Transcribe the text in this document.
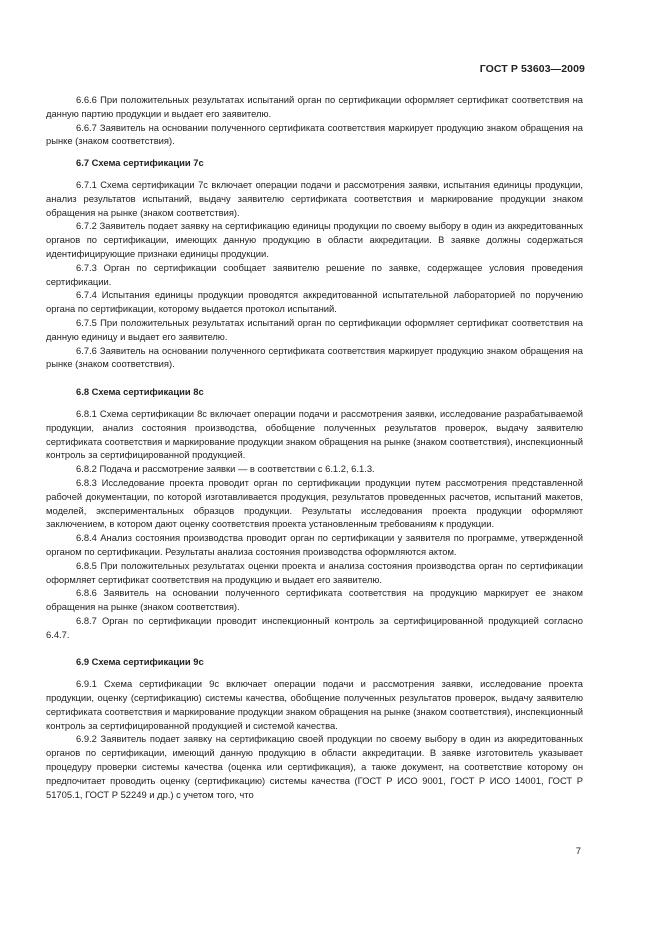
ГОСТ Р 53603—2009

6.6.6 При положительных результатах испытаний орган по сертификации оформляет сертификат соответствия на данную партию продукции и выдает его заявителю.

6.6.7 Заявитель на основании полученного сертификата соответствия маркирует продукцию знаком обращения на рынке (знаком соответствия).

6.7 Схема сертификации 7с

6.7.1 Схема сертификации 7с включает операции подачи и рассмотрения заявки, испытания единицы продукции, анализ результатов испытаний, выдачу заявителю сертификата соответствия и маркирование продукции знаком обращения на рынке (знаком соответствия).

6.7.2 Заявитель подает заявку на сертификацию единицы продукции по своему выбору в один из аккредитованных органов по сертификации, имеющих данную продукцию в области аккредитации. В заявке должны содержаться идентифицирующие признаки единицы продукции.

6.7.3 Орган по сертификации сообщает заявителю решение по заявке, содержащее условия проведения сертификации.

6.7.4 Испытания единицы продукции проводятся аккредитованной испытательной лабораторией по поручению органа по сертификации, которому выдается протокол испытаний.

6.7.5 При положительных результатах испытаний орган по сертификации оформляет сертификат соответствия на данную единицу и выдает его заявителю.

6.7.6 Заявитель на основании полученного сертификата соответствия маркирует продукцию знаком обращения на рынке (знаком соответствия).

6.8 Схема сертификации 8с

6.8.1 Схема сертификации 8с включает операции подачи и рассмотрения заявки, исследование разрабатываемой продукции, анализ состояния производства, обобщение полученных результатов проверок, выдачу заявителю сертификата соответствия и маркирование продукции знаком обращения на рынке (знаком соответствия), инспекционный контроль за сертифицированной продукцией.

6.8.2 Подача и рассмотрение заявки — в соответствии с 6.1.2, 6.1.3.

6.8.3 Исследование проекта проводит орган по сертификации продукции путем рассмотрения представленной рабочей документации, по которой изготавливается продукция, результатов проведенных расчетов, испытаний макетов, моделей, экспериментальных образцов продукции. Результаты исследования проекта продукции оформляют заключением, в котором дают оценку соответствия проекта установленным требованиям к продукции.

6.8.4 Анализ состояния производства проводит орган по сертификации у заявителя по программе, утвержденной органом по сертификации. Результаты анализа состояния производства оформляются актом.

6.8.5 При положительных результатах оценки проекта и анализа состояния производства орган по сертификации оформляет сертификат соответствия на продукцию и выдает его заявителю.

6.8.6 Заявитель на основании полученного сертификата соответствия на продукцию маркирует ее знаком обращения на рынке (знаком соответствия).

6.8.7 Орган по сертификации проводит инспекционный контроль за сертифицированной продукцией согласно 6.4.7.

6.9 Схема сертификации 9с

6.9.1 Схема сертификации 9с включает операции подачи и рассмотрения заявки, исследование проекта продукции, оценку (сертификацию) системы качества, обобщение полученных результатов проверок, выдачу заявителю сертификата соответствия и маркирование продукции знаком обращения на рынке (знаком соответствия), инспекционный контроль за сертифицированной продукцией и системой качества.

6.9.2 Заявитель подает заявку на сертификацию своей продукции по своему выбору в один из аккредитованных органов по сертификации, имеющий данную продукцию в области аккредитации. В заявке изготовитель указывает процедуру проверки системы качества (оценка или сертификация), а также документ, на соответствие которому он предпочитает проводить оценку (сертификацию) системы качества (ГОСТ Р ИСО 9001, ГОСТ Р ИСО 14001, ГОСТ Р 51705.1, ГОСТ Р 52249 и др.) с учетом того, что

7
